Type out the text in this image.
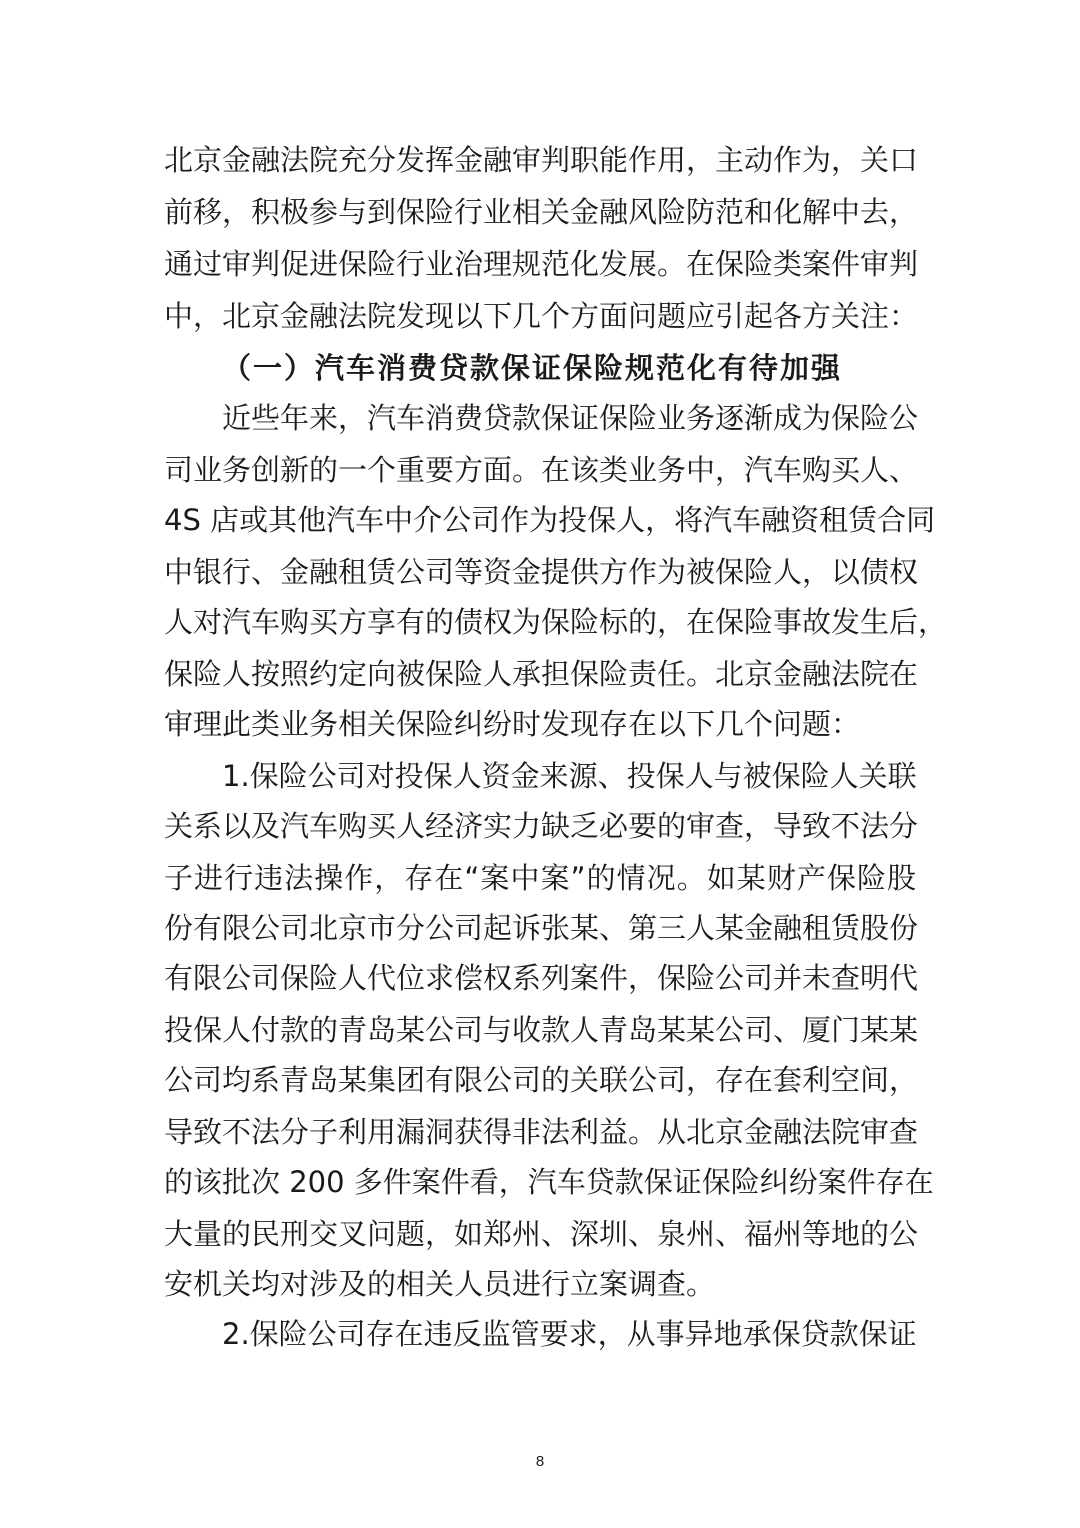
北京金融法院充分发挥金融审判职能作用，主动作为，关口
前移，积极参与到保险行业相关金融风险防范和化解中去，
通过审判促进保险行业治理规范化发展。在保险类案件审判
中，北京金融法院发现以下几个方面问题应引起各方关注：
（一）汽车消费贷款保证保险规范化有待加强
近些年来，汽车消费贷款保证保险业务逐渐成为保险公
司业务创新的一个重要方面。在该类业务中，汽车购买人、
4S 店或其他汽车中介公司作为投保人，将汽车融资租赁合同
中银行、金融租赁公司等资金提供方作为被保险人，以债权
人对汽车购买方享有的债权为保险标的，在保险事故发生后，
保险人按照约定向被保险人承担保险责任。北京金融法院在
审理此类业务相关保险纠纷时发现存在以下几个问题：
1.保险公司对投保人资金来源、投保人与被保险人关联
关系以及汽车购买人经济实力缺乏必要的审查，导致不法分
子进行违法操作，存在“案中案”的情况。如某财产保险股
份有限公司北京市分公司起诉张某、第三人某金融租赁股份
有限公司保险人代位求偿权系列案件，保险公司并未查明代
投保人付款的青岛某公司与收款人青岛某某公司、厦门某某
公司均系青岛某集团有限公司的关联公司，存在套利空间，
导致不法分子利用漏洞获得非法利益。从北京金融法院审查
的该批次 200 多件案件看，汽车贷款保证保险纠纷案件存在
大量的民刑交叉问题，如郑州、深圳、泉州、福州等地的公
安机关均对涉及的相关人员进行立案调查。
2.保险公司存在违反监管要求，从事异地承保贷款保证
8
